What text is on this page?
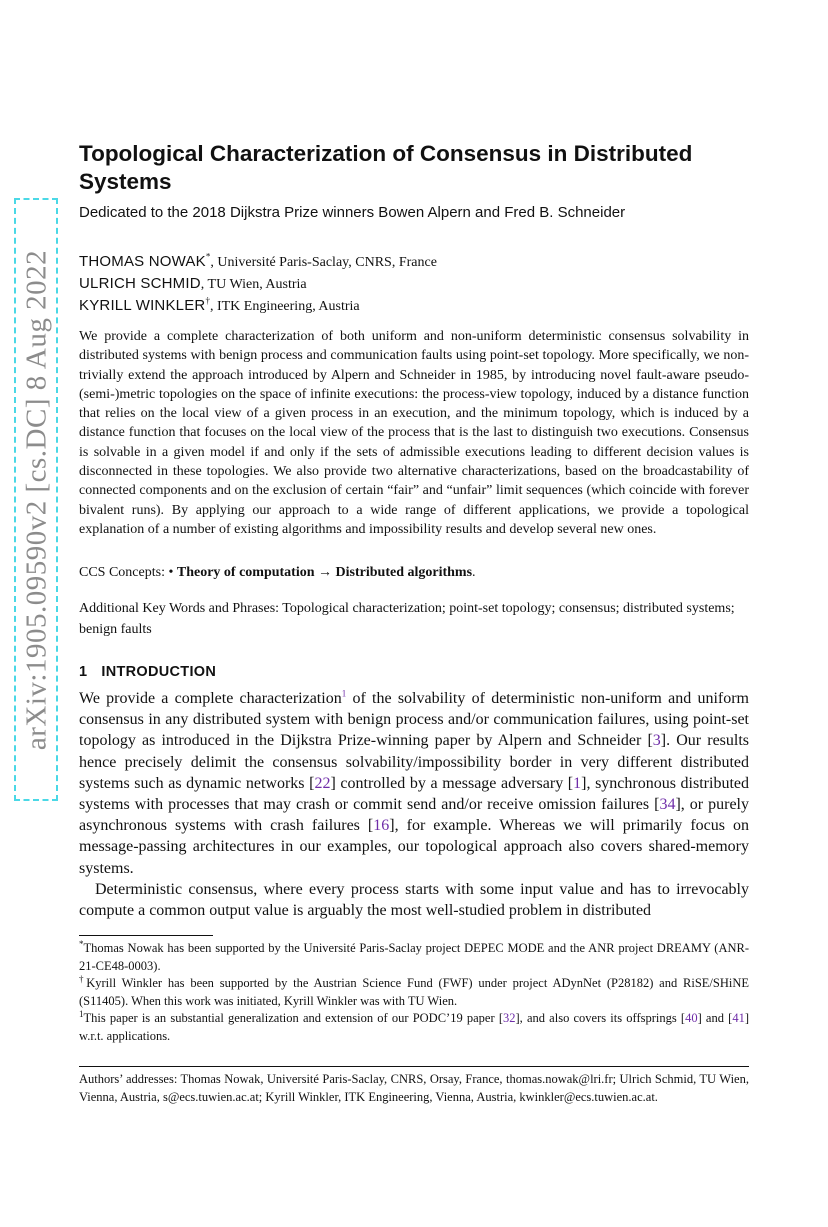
arXiv:1905.09590v2 [cs.DC] 8 Aug 2022
Topological Characterization of Consensus in Distributed Systems
Dedicated to the 2018 Dijkstra Prize winners Bowen Alpern and Fred B. Schneider
THOMAS NOWAK*, Université Paris-Saclay, CNRS, France
ULRICH SCHMID, TU Wien, Austria
KYRILL WINKLER†, ITK Engineering, Austria
We provide a complete characterization of both uniform and non-uniform deterministic consensus solvability in distributed systems with benign process and communication faults using point-set topology. More specifically, we non-trivially extend the approach introduced by Alpern and Schneider in 1985, by introducing novel fault-aware pseudo-(semi-)metric topologies on the space of infinite executions: the process-view topology, induced by a distance function that relies on the local view of a given process in an execution, and the minimum topology, which is induced by a distance function that focuses on the local view of the process that is the last to distinguish two executions. Consensus is solvable in a given model if and only if the sets of admissible executions leading to different decision values is disconnected in these topologies. We also provide two alternative characterizations, based on the broadcastability of connected components and on the exclusion of certain “fair” and “unfair” limit sequences (which coincide with forever bivalent runs). By applying our approach to a wide range of different applications, we provide a topological explanation of a number of existing algorithms and impossibility results and develop several new ones.
CCS Concepts: • Theory of computation → Distributed algorithms.
Additional Key Words and Phrases: Topological characterization; point-set topology; consensus; distributed systems; benign faults
1 INTRODUCTION

We provide a complete characterization$^1$ of the solvability of deterministic non-uniform and uniform consensus in any distributed system with benign process and/or communication failures, using point-set topology as introduced in the Dijkstra Prize-winning paper by Alpern and Schneider [3]. Our results hence precisely delimit the consensus solvability/impossibility border in very different distributed systems such as dynamic networks [22] controlled by a message adversary [1], synchronous distributed systems with processes that may crash or commit send and/or receive omission failures [34], or purely asynchronous systems with crash failures [16], for example. Whereas we will primarily focus on message-passing architectures in our examples, our topological approach also covers shared-memory systems.

Deterministic consensus, where every process starts with some input value and has to irrevocably compute a common output value is arguably the most well-studied problem in distributed

*Thomas Nowak has been supported by the Université Paris-Saclay project DEPEC MODE and the ANR project DREAMY (ANR-21-CE48-0003).
†Kyrill Winkler has been supported by the Austrian Science Fund (FWF) under project ADynNet (P28182) and RiSE/SHiNE (S11405). When this work was initiated, Kyrill Winkler was with TU Wien.
$^1$This paper is an substantial generalization and extension of our PODC’19 paper [32], and also covers its offsprings [40] and [41] w.r.t. applications.
Authors’ addresses: Thomas Nowak, Université Paris-Saclay, CNRS, Orsay, France, thomas.nowak@lri.fr; Ulrich Schmid, TU Wien, Vienna, Austria, s@ecs.tuwien.ac.at; Kyrill Winkler, ITK Engineering, Vienna, Austria, kwinkler@ecs.tuwien.ac.at.
